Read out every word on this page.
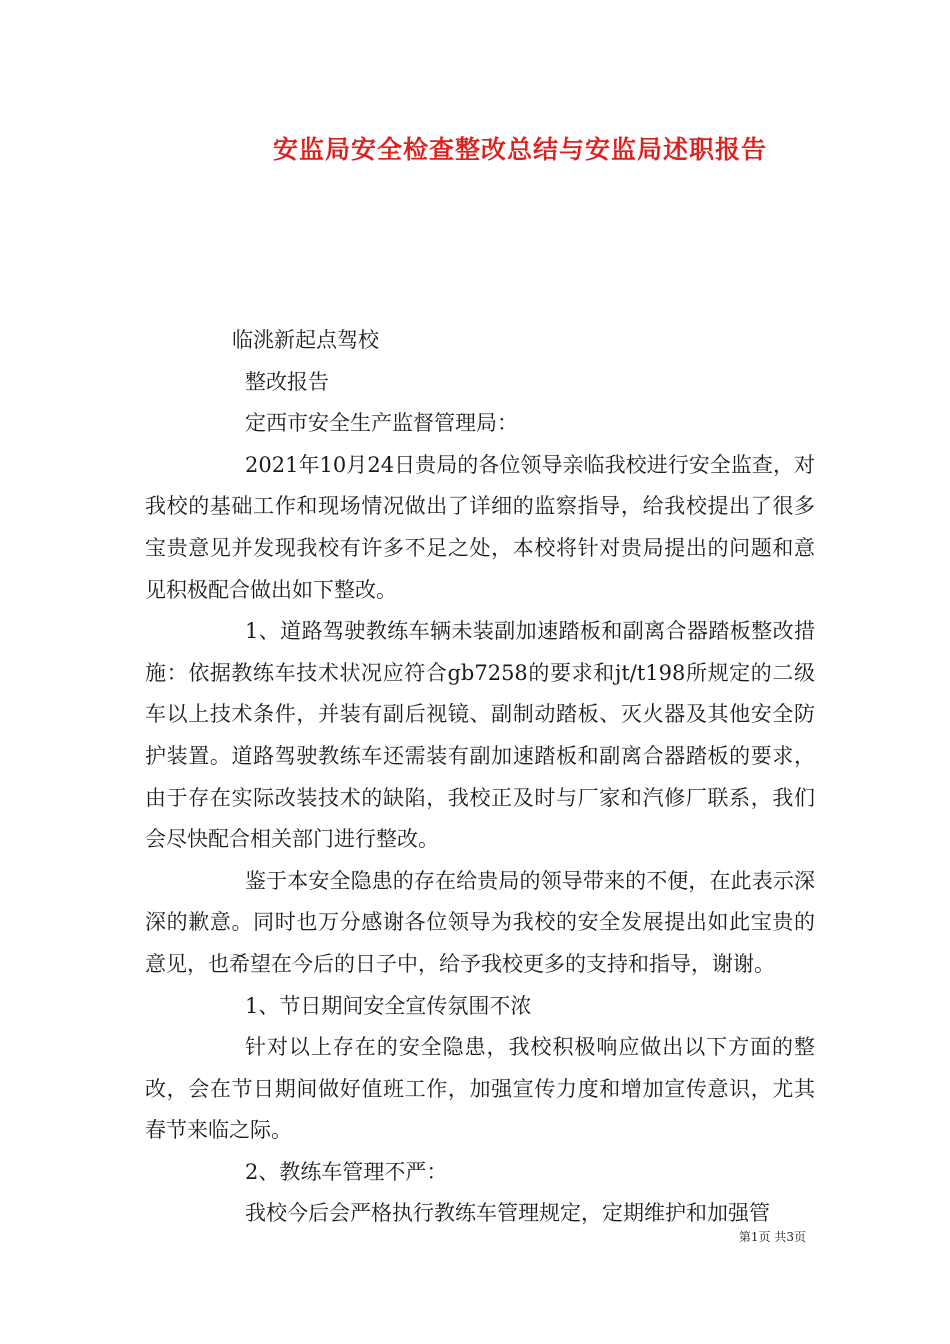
安监局安全检查整改总结与安监局述职报告

临洮新起点驾校

整改报告

定西市安全生产监督管理局：

2021年10月24日贵局的各位领导亲临我校进行安全监查，对我校的基础工作和现场情况做出了详细的监察指导，给我校提出了很多宝贵意见并发现我校有许多不足之处，本校将针对贵局提出的问题和意见积极配合做出如下整改。

1、道路驾驶教练车辆未装副加速踏板和副离合器踏板整改措施：依据教练车技术状况应符合gb7258的要求和jt/t198所规定的二级车以上技术条件，并装有副后视镜、副制动踏板、灭火器及其他安全防护装置。道路驾驶教练车还需装有副加速踏板和副离合器踏板的要求，由于存在实际改装技术的缺陷，我校正及时与厂家和汽修厂联系，我们会尽快配合相关部门进行整改。

鉴于本安全隐患的存在给贵局的领导带来的不便，在此表示深深的歉意。同时也万分感谢各位领导为我校的安全发展提出如此宝贵的意见，也希望在今后的日子中，给予我校更多的支持和指导，谢谢。

1、节日期间安全宣传氛围不浓

针对以上存在的安全隐患，我校积极响应做出以下方面的整改，会在节日期间做好值班工作，加强宣传力度和增加宣传意识，尤其春节来临之际。

2、教练车管理不严：

我校今后会严格执行教练车管理规定，定期维护和加强管

第1页 共3页
